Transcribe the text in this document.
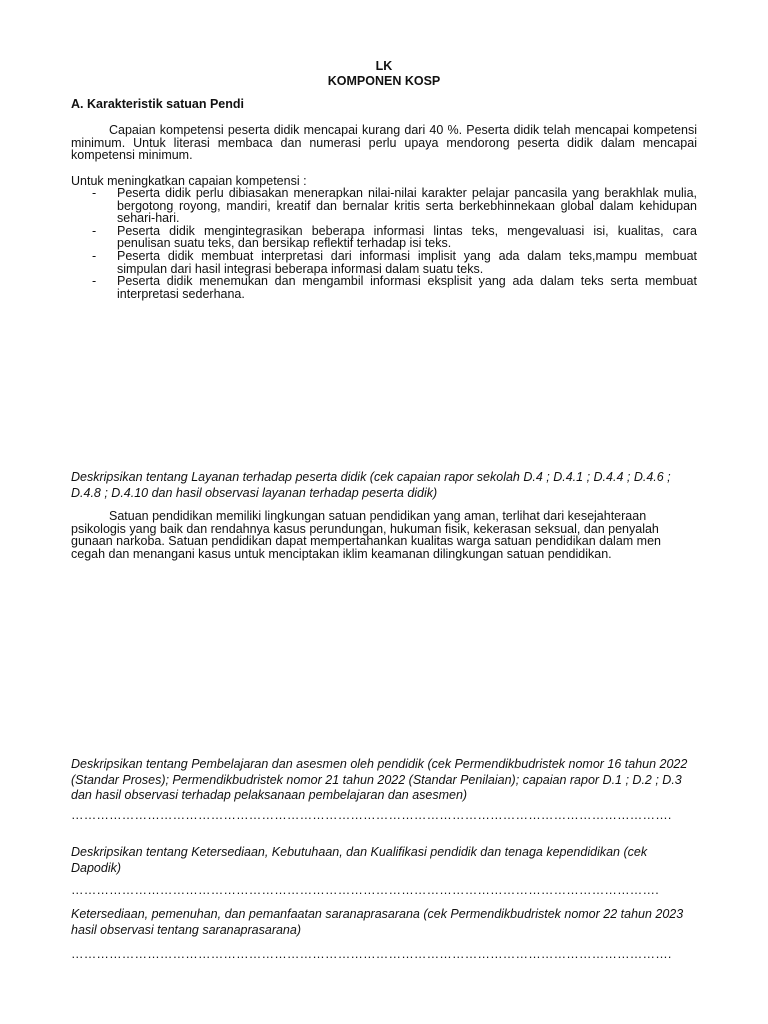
LK
KOMPONEN KOSP
A. Karakteristik satuan Pendi
Capaian kompetensi peserta didik mencapai kurang dari 40 %. Peserta didik telah mencapai kompetensi minimum. Untuk literasi membaca dan numerasi perlu upaya mendorong peserta didik dalam mencapai kompetensi minimum.
Untuk meningkatkan capaian kompetensi :
- Peserta didik perlu dibiasakan menerapkan nilai-nilai karakter pelajar pancasila yang berakhlak mulia, bergotong royong, mandiri, kreatif dan bernalar kritis serta berkebhinnekaan global dalam kehidupan sehari-hari.
- Peserta didik mengintegrasikan beberapa informasi lintas teks, mengevaluasi isi, kualitas, cara penulisan suatu teks, dan bersikap reflektif terhadap isi teks.
- Peserta didik membuat interpretasi dari informasi implisit yang ada dalam teks,mampu membuat simpulan dari hasil integrasi beberapa informasi dalam suatu teks.
- Peserta didik menemukan dan mengambil informasi eksplisit yang ada dalam teks serta membuat interpretasi sederhana.
Deskripsikan tentang Layanan terhadap peserta didik (cek capaian rapor sekolah D.4 ; D.4.1 ; D.4.4 ; D.4.6 ; D.4.8 ; D.4.10 dan hasil observasi layanan terhadap peserta didik)
Satuan pendidikan memiliki lingkungan satuan pendidikan yang aman, terlihat dari kesejahteraan psikologis yang baik dan rendahnya kasus perundungan, hukuman fisik, kekerasan seksual, dan penyalah gunaan narkoba. Satuan pendidikan dapat mempertahankan kualitas warga satuan pendidikan dalam men cegah dan menangani kasus untuk menciptakan iklim keamanan dilingkungan satuan pendidikan.
Deskripsikan tentang Pembelajaran dan asesmen oleh pendidik (cek Permendikbudristek nomor 16 tahun 2022 (Standar Proses); Permendikbudristek nomor 21 tahun 2022 (Standar Penilaian); capaian rapor D.1 ; D.2 ; D.3 dan hasil observasi terhadap pelaksanaan pembelajaran dan asesmen)
…………………………………………………………………………………………………………………………….
Deskripsikan tentang Ketersediaan, Kebutuhaan, dan Kualifikasi pendidik dan tenaga kependidikan (cek Dapodik)
………………………………………………………………………………………………………………………….
Ketersediaan, pemenuhan, dan pemanfaatan saranaprasarana (cek Permendikbudristek nomor 22 tahun 2023 hasil observasi tentang saranaprasarana)
…………………………………………………………………………………………………………………………….
